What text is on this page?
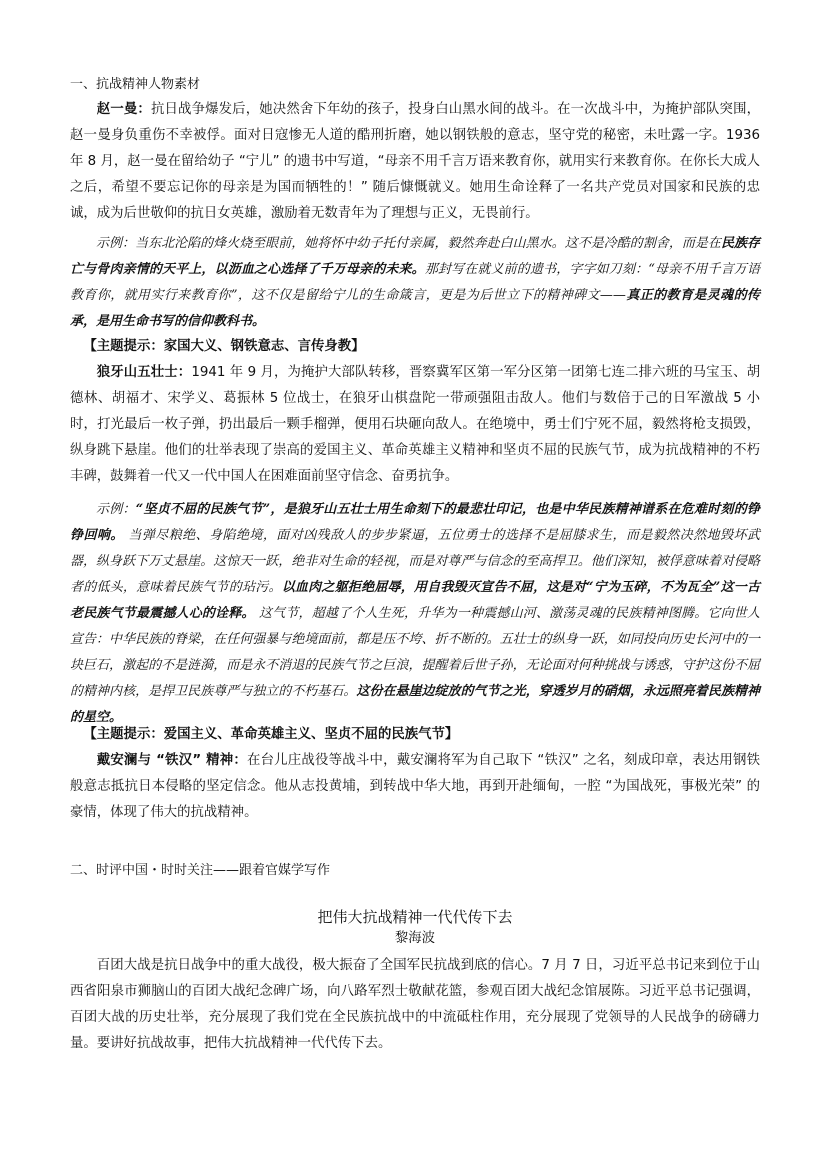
一、抗战精神人物素材

赵一曼：抗日战争爆发后，她决然舍下年幼的孩子，投身白山黑水间的战斗。在一次战斗中，为掩护部队突围，赵一曼身负重伤不幸被俘。面对日寇惨无人道的酷刑折磨，她以钢铁般的意志，坚守党的秘密，未吐露一字。1936 年 8 月，赵一曼在留给幼子 “宁儿” 的遗书中写道，“母亲不用千言万语来教育你，就用实行来教育你。在你长大成人之后，希望不要忘记你的母亲是为国而牺牲的！” 随后慷慨就义。她用生命诠释了一名共产党员对国家和民族的忠诚，成为后世敬仰的抗日女英雄，激励着无数青年为了理想与正义，无畏前行。

示例：当东北沦陷的烽火烧至眼前，她将怀中幼子托付亲属，毅然奔赴白山黑水。这不是冷酷的割舍，而是在民族存亡与骨肉亲情的天平上，以沥血之心选择了千万母亲的未来。那封写在就义前的遗书，字字如刀刻：“母亲不用千言万语教育你，就用实行来教育你”，这不仅是留给宁儿的生命箴言，更是为后世立下的精神碑文——真正的教育是灵魂的传承，是用生命书写的信仰教科书。

【主题提示：家国大义、钢铁意志、言传身教】

狼牙山五壮士：1941 年 9 月，为掩护大部队转移，晋察冀军区第一军分区第一团第七连二排六班的马宝玉、胡德林、胡福才、宋学义、葛振林 5 位战士，在狼牙山棋盘陀一带顽强阻击敌人。他们与数倍于己的日军激战 5 小时，打光最后一枚子弹，扔出最后一颗手榴弹，便用石块砸向敌人。在绝境中，勇士们宁死不屈，毅然将枪支损毁，纵身跳下悬崖。他们的壮举表现了崇高的爱国主义、革命英雄主义精神和坚贞不屈的民族气节，成为抗战精神的不朽丰碑，鼓舞着一代又一代中国人在困难面前坚守信念、奋勇抗争。

示例：“坚贞不屈的民族气节”，是狼牙山五壮士用生命刻下的最悲壮印记，也是中华民族精神谱系在危难时刻的铮铮回响。 当弹尽粮绝、身陷绝境，面对凶残敌人的步步紧逼，五位勇士的选择不是屈膝求生，而是毅然决然地毁坏武器，纵身跃下万丈悬崖。这惊天一跃，绝非对生命的轻视，而是对尊严与信念的至高捍卫。他们深知，被俘意味着对侵略者的低头，意味着民族气节的玷污。以血肉之躯拒绝屈辱，用自我毁灭宣告不屈，这是对“宁为玉碎，不为瓦全”这一古老民族气节最震撼人心的诠释。 这气节，超越了个人生死，升华为一种震撼山河、激荡灵魂的民族精神图腾。它向世人宣告：中华民族的脊梁，在任何强暴与绝境面前，都是压不垮、折不断的。五壮士的纵身一跃，如同投向历史长河中的一块巨石，激起的不是涟漪，而是永不消退的民族气节之巨浪，提醒着后世子孙，无论面对何种挑战与诱惑，守护这份不屈的精神内核，是捍卫民族尊严与独立的不朽基石。这份在悬崖边绽放的气节之光，穿透岁月的硝烟，永远照亮着民族精神的星空。

【主题提示：爱国主义、革命英雄主义、坚贞不屈的民族气节】

戴安澜与 “铁汉” 精神：在台儿庄战役等战斗中，戴安澜将军为自己取下 “铁汉” 之名，刻成印章，表达用钢铁般意志抵抗日本侵略的坚定信念。他从志投黄埔，到转战中华大地，再到开赴缅甸，一腔 “为国战死，事极光荣” 的豪情，体现了伟大的抗战精神。

二、时评中国・时时关注——跟着官媒学写作

把伟大抗战精神一代代传下去

黎海波

百团大战是抗日战争中的重大战役，极大振奋了全国军民抗战到底的信心。7 月 7 日，习近平总书记来到位于山西省阳泉市狮脑山的百团大战纪念碑广场，向八路军烈士敬献花篮，参观百团大战纪念馆展陈。习近平总书记强调，百团大战的历史壮举，充分展现了我们党在全民族抗战中的中流砥柱作用，充分展现了党领导的人民战争的磅礴力量。要讲好抗战故事，把伟大抗战精神一代代传下去。
